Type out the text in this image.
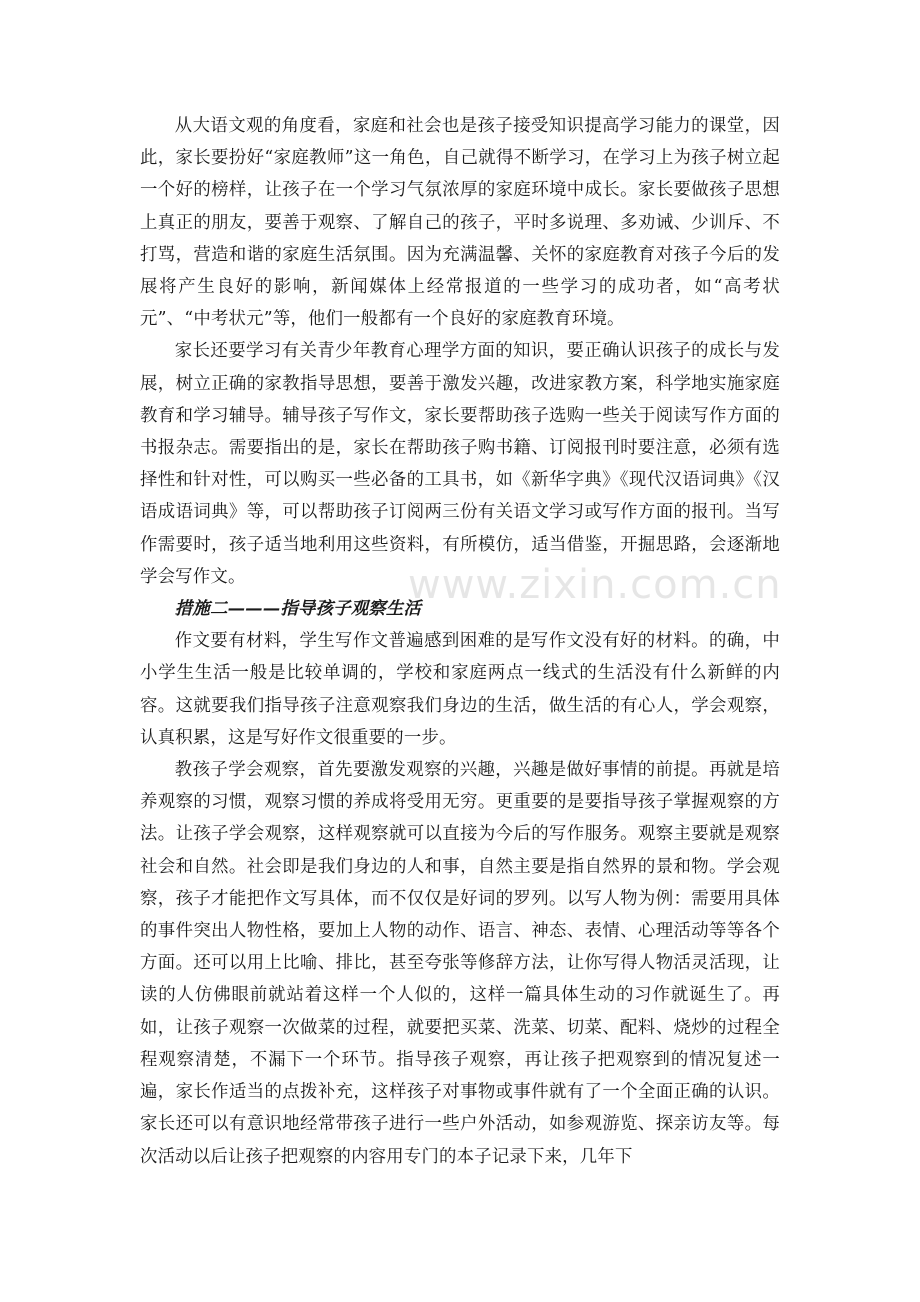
从大语文观的角度看，家庭和社会也是孩子接受知识提高学习能力的课堂，因此，家长要扮好“家庭教师”这一角色，自己就得不断学习，在学习上为孩子树立起一个好的榜样，让孩子在一个学习气氛浓厚的家庭环境中成长。家长要做孩子思想上真正的朋友，要善于观察、了解自己的孩子，平时多说理、多劝诫、少训斥、不打骂，营造和谐的家庭生活氛围。因为充满温馨、关怀的家庭教育对孩子今后的发展将产生良好的影响，新闻媒体上经常报道的一些学习的成功者，如“高考状元”、“中考状元”等，他们一般都有一个良好的家庭教育环境。

家长还要学习有关青少年教育心理学方面的知识，要正确认识孩子的成长与发展，树立正确的家教指导思想，要善于激发兴趣，改进家教方案，科学地实施家庭教育和学习辅导。辅导孩子写作文，家长要帮助孩子选购一些关于阅读写作方面的书报杂志。需要指出的是，家长在帮助孩子购书籍、订阅报刊时要注意，必须有选择性和针对性，可以购买一些必备的工具书，如《新华字典》《现代汉语词典》《汉语成语词典》等，可以帮助孩子订阅两三份有关语文学习或写作方面的报刊。当写作需要时，孩子适当地利用这些资料，有所模仿，适当借鉴，开掘思路，会逐渐地学会写作文。

措施二———指导孩子观察生活

作文要有材料，学生写作文普遍感到困难的是写作文没有好的材料。的确，中小学生生活一般是比较单调的，学校和家庭两点一线式的生活没有什么新鲜的内容。这就要我们指导孩子注意观察我们身边的生活，做生活的有心人，学会观察，认真积累，这是写好作文很重要的一步。

教孩子学会观察，首先要激发观察的兴趣，兴趣是做好事情的前提。再就是培养观察的习惯，观察习惯的养成将受用无穷。更重要的是要指导孩子掌握观察的方法。让孩子学会观察，这样观察就可以直接为今后的写作服务。观察主要就是观察社会和自然。社会即是我们身边的人和事，自然主要是指自然界的景和物。学会观察，孩子才能把作文写具体，而不仅仅是好词的罗列。以写人物为例：需要用具体的事件突出人物性格，要加上人物的动作、语言、神态、表情、心理活动等等各个方面。还可以用上比喻、排比，甚至夸张等修辞方法，让你写得人物活灵活现，让读的人仿佛眼前就站着这样一个人似的，这样一篇具体生动的习作就诞生了。再如，让孩子观察一次做菜的过程，就要把买菜、洗菜、切菜、配料、烧炒的过程全程观察清楚，不漏下一个环节。指导孩子观察，再让孩子把观察到的情况复述一遍，家长作适当的点拨补充，这样孩子对事物或事件就有了一个全面正确的认识。家长还可以有意识地经常带孩子进行一些户外活动，如参观游览、探亲访友等。每次活动以后让孩子把观察的内容用专门的本子记录下来，几年下

www.zixin.com.cn
